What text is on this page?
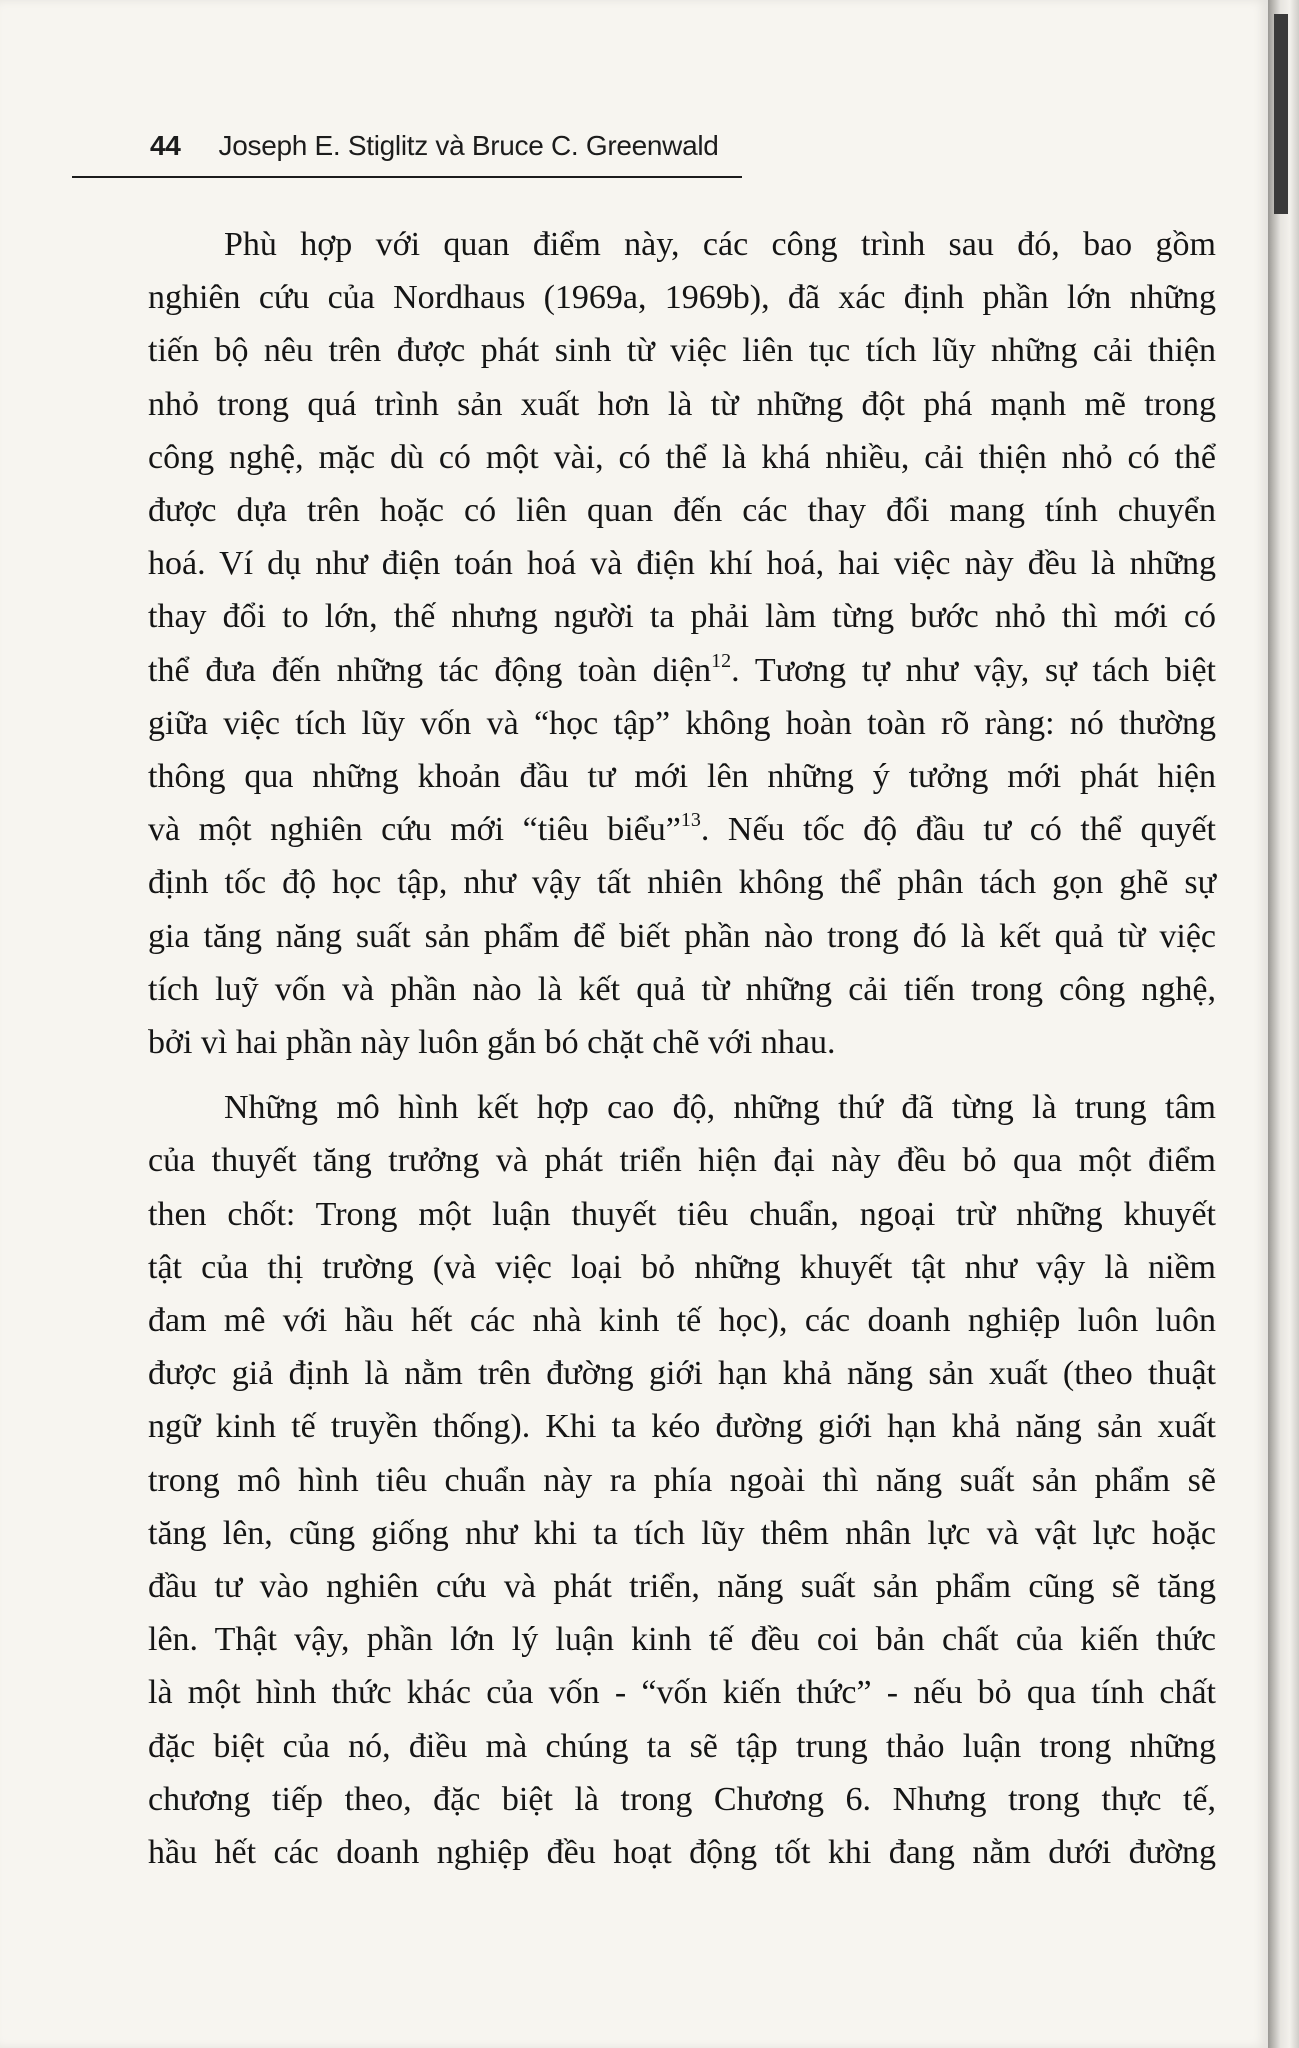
44 Joseph E. Stiglitz và Bruce C. Greenwald

Phù hợp với quan điểm này, các công trình sau đó, bao gồm
nghiên cứu của Nordhaus (1969a, 1969b), đã xác định phần lớn những
tiến bộ nêu trên được phát sinh từ việc liên tục tích lũy những cải thiện
nhỏ trong quá trình sản xuất hơn là từ những đột phá mạnh mẽ trong
công nghệ, mặc dù có một vài, có thể là khá nhiều, cải thiện nhỏ có thể
được dựa trên hoặc có liên quan đến các thay đổi mang tính chuyển
hoá. Ví dụ như điện toán hoá và điện khí hoá, hai việc này đều là những
thay đổi to lớn, thế nhưng người ta phải làm từng bước nhỏ thì mới có
thể đưa đến những tác động toàn diện$^{12}$. Tương tự như vậy, sự tách biệt
giữa việc tích lũy vốn và “học tập” không hoàn toàn rõ ràng: nó thường
thông qua những khoản đầu tư mới lên những ý tưởng mới phát hiện
và một nghiên cứu mới “tiêu biểu”$^{13}$. Nếu tốc độ đầu tư có thể quyết
định tốc độ học tập, như vậy tất nhiên không thể phân tách gọn ghẽ sự
gia tăng năng suất sản phẩm để biết phần nào trong đó là kết quả từ việc
tích luỹ vốn và phần nào là kết quả từ những cải tiến trong công nghệ,
bởi vì hai phần này luôn gắn bó chặt chẽ với nhau.

Những mô hình kết hợp cao độ, những thứ đã từng là trung tâm
của thuyết tăng trưởng và phát triển hiện đại này đều bỏ qua một điểm
then chốt: Trong một luận thuyết tiêu chuẩn, ngoại trừ những khuyết
tật của thị trường (và việc loại bỏ những khuyết tật như vậy là niềm
đam mê với hầu hết các nhà kinh tế học), các doanh nghiệp luôn luôn
được giả định là nằm trên đường giới hạn khả năng sản xuất (theo thuật
ngữ kinh tế truyền thống). Khi ta kéo đường giới hạn khả năng sản xuất
trong mô hình tiêu chuẩn này ra phía ngoài thì năng suất sản phẩm sẽ
tăng lên, cũng giống như khi ta tích lũy thêm nhân lực và vật lực hoặc
đầu tư vào nghiên cứu và phát triển, năng suất sản phẩm cũng sẽ tăng
lên. Thật vậy, phần lớn lý luận kinh tế đều coi bản chất của kiến thức
là một hình thức khác của vốn - “vốn kiến thức” - nếu bỏ qua tính chất
đặc biệt của nó, điều mà chúng ta sẽ tập trung thảo luận trong những
chương tiếp theo, đặc biệt là trong Chương 6. Nhưng trong thực tế,
hầu hết các doanh nghiệp đều hoạt động tốt khi đang nằm dưới đường
